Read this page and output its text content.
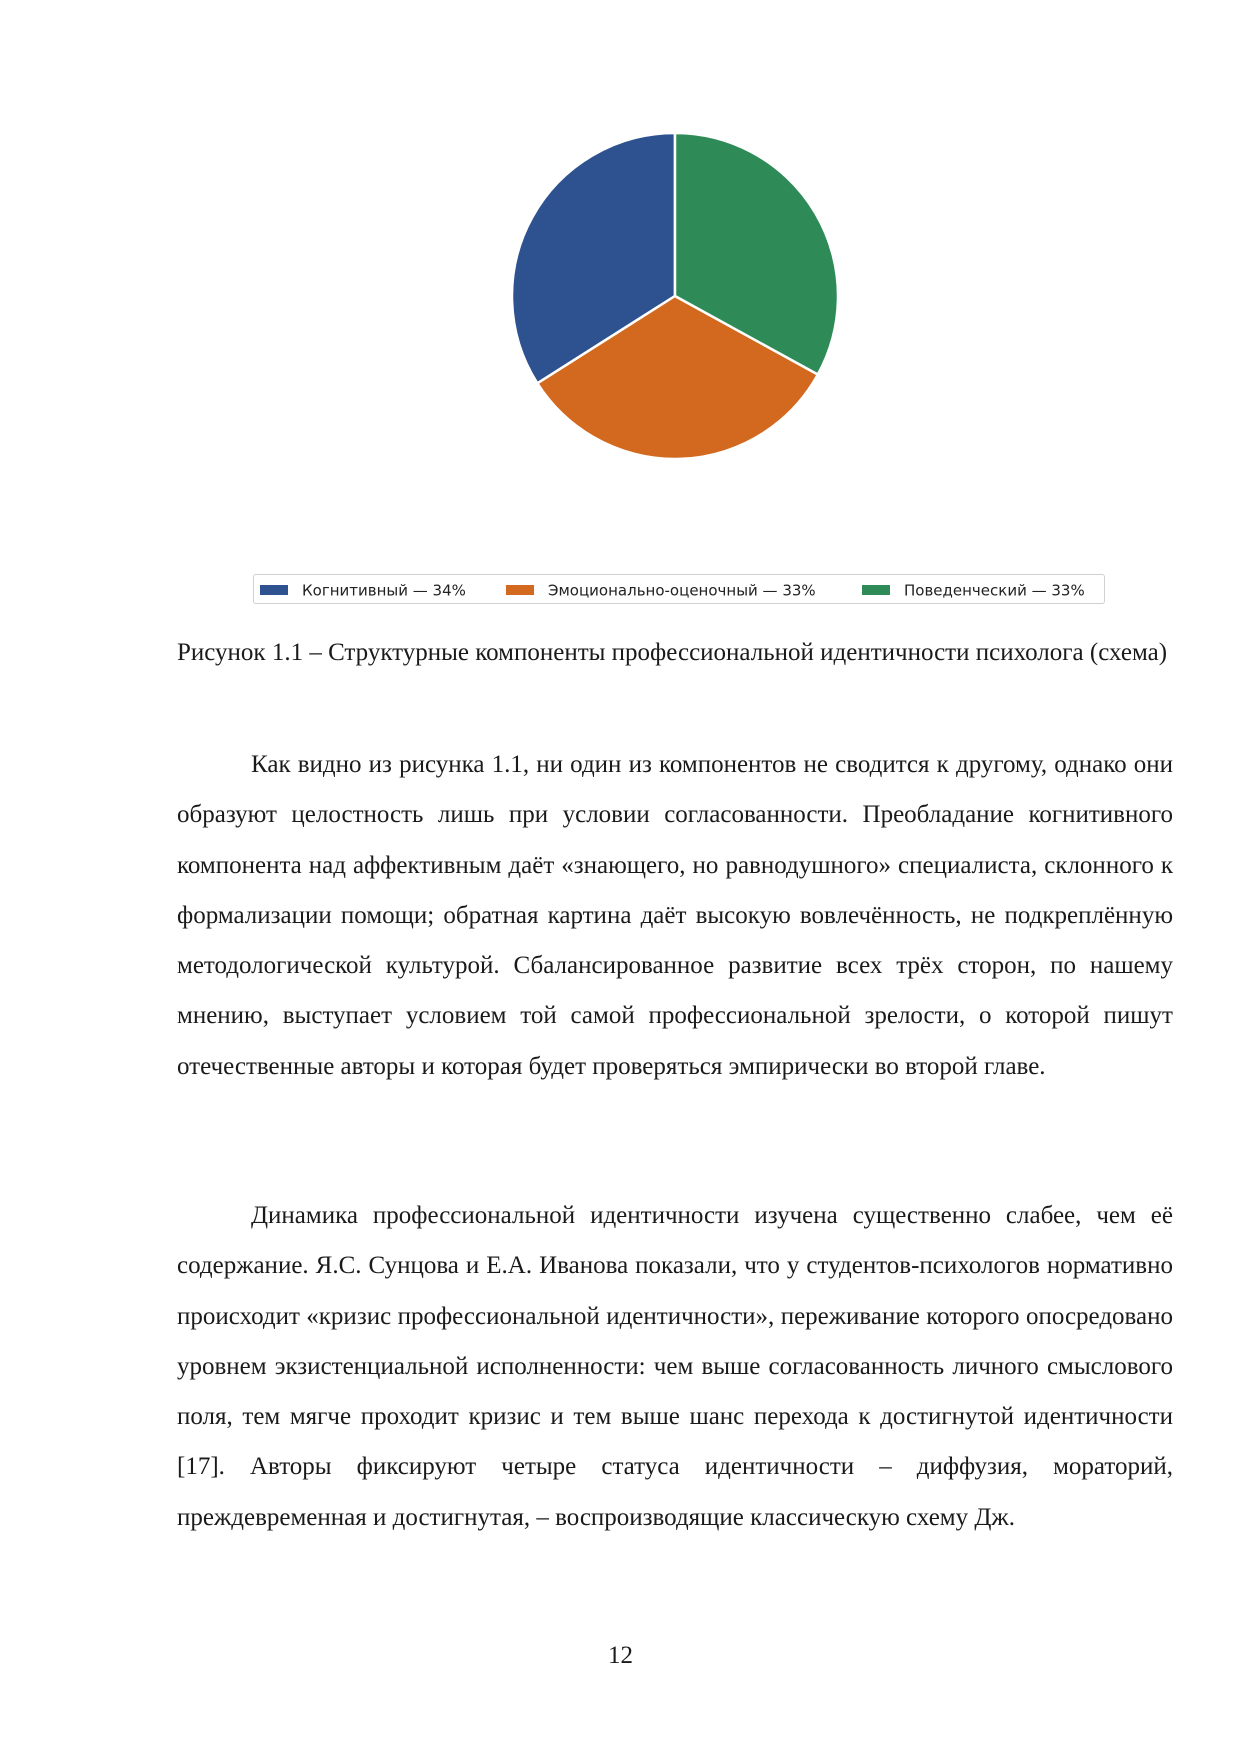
Когнитивный — 34%	Эмоционально-оценочный — 33%	Поведенческий — 33%
Рисунок 1.1 – Структурные компоненты профессиональной идентичности психолога (схема)

Как видно из рисунка 1.1, ни один из компонентов не сводится к другому, однако они образуют целостность лишь при условии согласованности. Преобладание когнитивного компонента над аффективным даёт «знающего, но равнодушного» специалиста, склонного к формализации помощи; обратная картина даёт высокую вовлечённость, не подкреплённую методологической культурой. Сбалансированное развитие всех трёх сторон, по нашему мнению, выступает условием той самой профессиональной зрелости, о которой пишут отечественные авторы и которая будет проверяться эмпирически во второй главе.

Динамика профессиональной идентичности изучена существенно слабее, чем её содержание. Я.С. Сунцова и Е.А. Иванова показали, что у студентов-психологов нормативно происходит «кризис профессиональной идентичности», переживание которого опосредовано уровнем экзистенциальной исполненности: чем выше согласованность личного смыслового поля, тем мягче проходит кризис и тем выше шанс перехода к достигнутой идентичности [17]. Авторы фиксируют четыре статуса идентичности – диффузия, мораторий, преждевременная и достигнутая, – воспроизводящие классическую схему Дж.

12
